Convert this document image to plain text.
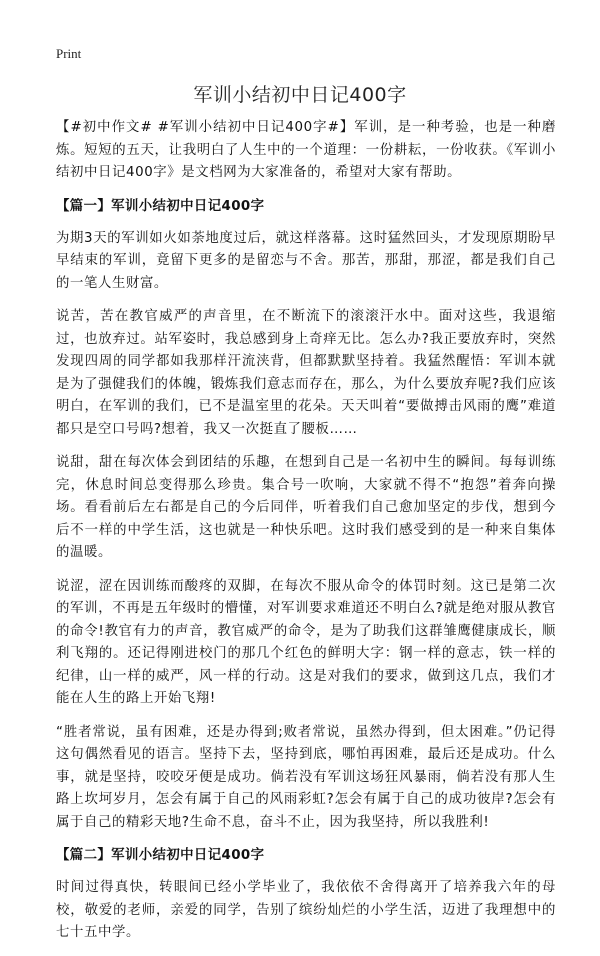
Print
军训小结初中日记400字

【#初中作文# #军训小结初中日记400字#】军训，是一种考验，也是一种磨炼。短短的五天，让我明白了人生中的一个道理：一份耕耘，一份收获。《军训小结初中日记400字》是文档网为大家准备的，希望对大家有帮助。

【篇一】军训小结初中日记400字

为期3天的军训如火如荼地度过后，就这样落幕。这时猛然回头，才发现原期盼早早结束的军训，竟留下更多的是留恋与不舍。那苦，那甜，那涩，都是我们自己的一笔人生财富。

说苦，苦在教官威严的声音里，在不断流下的滚滚汗水中。面对这些，我退缩过，也放弃过。站军姿时，我总感到身上奇痒无比。怎么办?我正要放弃时，突然发现四周的同学都如我那样汗流浃背，但都默默坚持着。我猛然醒悟：军训本就是为了强健我们的体魄，锻炼我们意志而存在，那么，为什么要放弃呢?我们应该明白，在军训的我们，已不是温室里的花朵。天天叫着“要做搏击风雨的鹰”难道都只是空口号吗?想着，我又一次挺直了腰板……

说甜，甜在每次体会到团结的乐趣，在想到自己是一名初中生的瞬间。每每训练完，休息时间总变得那么珍贵。集合号一吹响，大家就不得不“抱怨”着奔向操场。看看前后左右都是自己的今后同伴，听着我们自己愈加坚定的步伐，想到今后不一样的中学生活，这也就是一种快乐吧。这时我们感受到的是一种来自集体的温暖。

说涩，涩在因训练而酸疼的双脚，在每次不服从命令的体罚时刻。这已是第二次的军训，不再是五年级时的懵懂，对军训要求难道还不明白么?就是绝对服从教官的命令!教官有力的声音，教官威严的命令，是为了助我们这群雏鹰健康成长，顺利飞翔的。还记得刚进校门的那几个红色的鲜明大字：钢一样的意志，铁一样的纪律，山一样的威严，风一样的行动。这是对我们的要求，做到这几点，我们才能在人生的路上开始飞翔!

“胜者常说，虽有困难，还是办得到;败者常说，虽然办得到，但太困难。”仍记得这句偶然看见的语言。坚持下去，坚持到底，哪怕再困难，最后还是成功。什么事，就是坚持，咬咬牙便是成功。倘若没有军训这场狂风暴雨，倘若没有那人生路上坎坷岁月，怎会有属于自己的风雨彩虹?怎会有属于自己的成功彼岸?怎会有属于自己的精彩天地?生命不息，奋斗不止，因为我坚持，所以我胜利!

【篇二】军训小结初中日记400字

时间过得真快，转眼间已经小学毕业了，我依依不舍得离开了培养我六年的母校，敬爱的老师，亲爱的同学，告别了缤纷灿烂的小学生活，迈进了我理想中的七十五中学。
